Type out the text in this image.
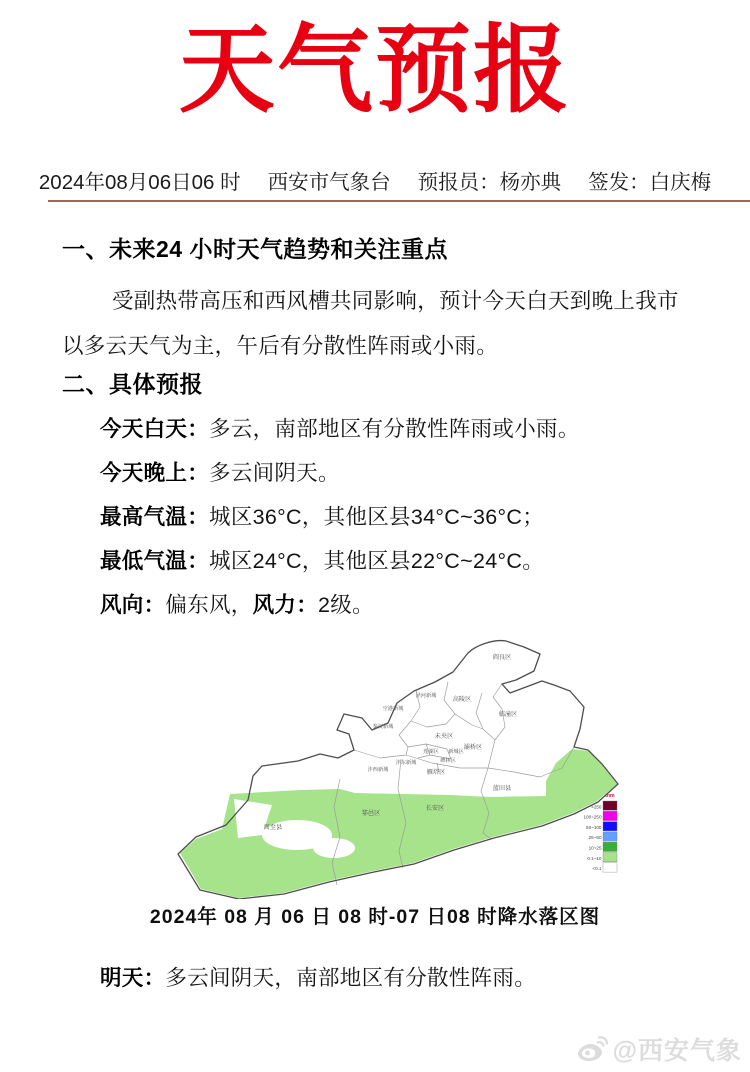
天气预报
2024年08月06日06 时 西安市气象台 预报员： 杨亦典 签发： 白庆梅
一、未来24 小时天气趋势和关注重点
受副热带高压和西风槽共同影响，预计今天白天到晚上我市
以多云天气为主，午后有分散性阵雨或小雨。
二、具体预报
今天白天：多云，南部地区有分散性阵雨或小雨。
今天晚上：多云间阴天。
最高气温：城区36°C，其他区县34°C~36°C；
最低气温：城区24°C，其他区县22°C~24°C。
风向：偏东风，风力：2级。
阎良区
高陵区
临潼区
泾河新城
空港新城
秦汉新城
未央区
灞桥区
莲湖区 新城区
碑林区
沣东新城
沣西新城	雁塔区
蓝田县
长安区
鄠邑区
周至县
mm
>250
100~250
50~100
25~50
10~25
0.1~10
<0.1
2024年 08 月 06 日 08 时-07 日08 时降水落区图
明天：多云间阴天，南部地区有分散性阵雨。
@西安气象
